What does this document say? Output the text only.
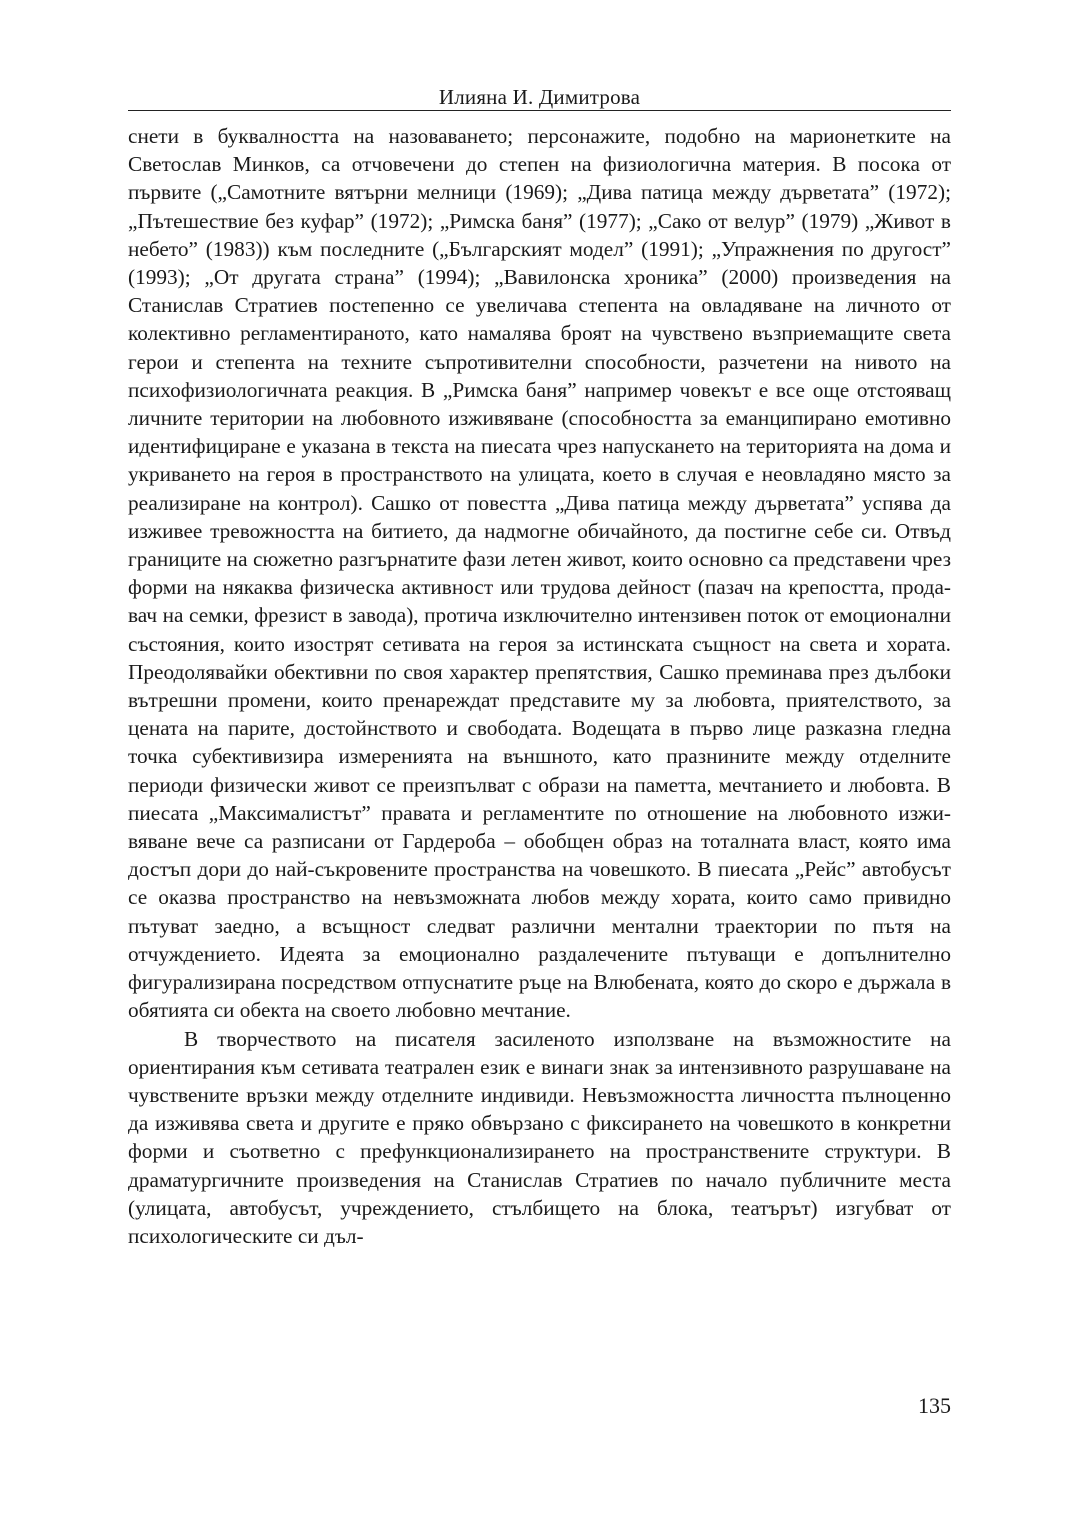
Илияна И. Димитрова

снети в буквалността на назоваването; персонажите, подобно на марионетките на Светослав Минков, са отчовечени до степен на физиологична материя. В посока от първите („Самотните вятърни мелници (1969); „Дива патица между дърветата” (1972); „Пътешествие без куфар” (1972); „Римска баня” (1977); „Сако от велур” (1979) „Живот в небето” (1983)) към последните („Българският модел” (1991); „Упражнения по другост” (1993); „От другата страна” (1994); „Вавилонска хроника” (2000) произведения на Станислав Стратиев постепенно се увеличава степента на овладяване на личното от колективно регламентираното, като намалява броят на чувствено възприемащите света герои и степента на техните съпротивителни способности, разчетени на нивото на психофизиологичната реакция. В „Римска баня” например човекът е все още отстояващ личните територии на любовното изживяване (способността за еманципирано емотивно идентифициране е указана в текста на пиесата чрез напускането на територията на дома и укриването на героя в пространството на улицата, което в случая е неовладяно място за реализиране на контрол). Сашко от повестта „Дива патица между дърветата” успява да изживее тревожността на битието, да надмогне обичайното, да постигне себе си. Отвъд границите на сюжетно разгърнатите фази летен живот, които основно са представени чрез форми на някаква физическа активност или трудова дейност (пазач на крепостта, продавач на семки, фрезист в завода), протича изключително интензивен поток от емоционални състояния, които изострят сетивата на героя за истинската същност на света и хората. Преодолявайки обективни по своя характер препятствия, Сашко преминава през дълбоки вътрешни промени, които пренареждат представите му за любовта, приятелството, за цената на парите, достойнството и свободата. Водещата в първо лице разказна гледна точка субективизира измеренията на външното, като празнините между отделните периоди физически живот се преизпълват с образи на паметта, мечтанието и любовта. В пиесата „Максималистът” правата и регламентите по отношение на любовното изживяване вече са разписани от Гардероба – обобщен образ на тоталната власт, която има достъп дори до най-съкровените пространства на човешкото. В пиесата „Рейс” автобусът се оказва пространство на невъзможната любов между хората, които само привидно пътуват заедно, а всъщност следват различни ментални траектории по пътя на отчуждението. Идеята за емоционално раздалечените пътуващи е допълнително фигурализирана посредством отпуснатите ръце на Влюбената, която до скоро е държала в обятията си обекта на своето любовно мечтание.

В творчеството на писателя засиленото използване на възможностите на ориентирания към сетивата театрален език е винаги знак за интензивното разрушаване на чувствените връзки между отделните индивиди. Невъзможността личността пълноценно да изживява света и другите е пряко обвързано с фиксирането на човешкото в конкретни форми и съответно с префункционализирането на пространствените структури. В драматургичните произведения на Станислав Стратиев по начало публичните места (улицата, автобусът, учреждението, стълбището на блока, театърът) изгубват от психологическите си дъл-

135
